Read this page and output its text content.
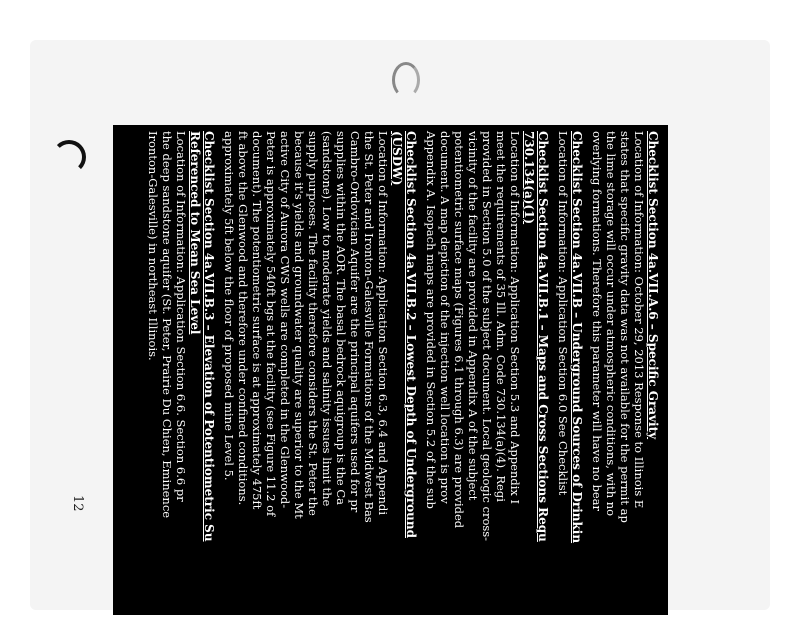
12
Checklist Section 4a.VII.A.6 – Specific Gravity
Location of Information: October 29, 2013 Response to Illinois E
states that specific gravity data was not available for the permit ap
the lime storage will occur under atmospheric conditions, with no
overlying formations. Therefore this parameter will have no bear
Checklist Section 4a.VII.B – Underground Sources of Drinkin
Location of Information: Application Section 6.0 See Checklist
Checklist Section 4a.VII.B.1 – Maps and Cross Sections Requ
730.134(a)(1)
Location of Information: Application Section 5.3 and Appendix I
meet the requirements of 35 Ill. Adm. Code 730.134(a)(4). Regi
provided in Section 5.0 of the subject document. Local geologic cross-
vicinity of the facility are provided in Appendix A of the subject
potentiometric surface maps (Figures 6.1 through 6.3) are provided
document. A map depiction of the injection well location is prov
Appendix A. Isopach maps are provided in Section 5.2 of the sub
Checklist Section 4a.VII.B.2 – Lowest Depth of Underground
(USDW)
Location of Information: Application Section 6.3, 6.4 and Appendi
the St. Peter and Ironton-Galesville Formations of the Midwest Bas
Cambro-Ordovician Aquifer are the principal aquifers used for pr
supplies within the AOR. The basal bedrock aquigroup is the Ca
(sandstone). Low to moderate yields and salinity issues limit the
supply purposes. The facility therefore considers the St. Peter the
because it's yields and groundwater quality are superior to the Mt
active City of Aurora CWS wells are completed in the Glenwood-
Peter is approximately 540ft bgs at the facility (see Figure 11.2 of
document). The potentiometric surface is at approximately 475ft
ft above the Glenwood and therefore under confined conditions.
approximately 5ft below the floor of proposed mine Level 5.
Checklist Section 4a.VII.B.3 – Elevation of Potentiometric Su
Referenced to Mean Sea Level
Location of Information: Application Section 6.6. Section 6.6 pr
the deep sandstone aquifer (St. Peter, Prairie Du Chien, Eminence
Ironton-Galesville) in northeast Illinois.
